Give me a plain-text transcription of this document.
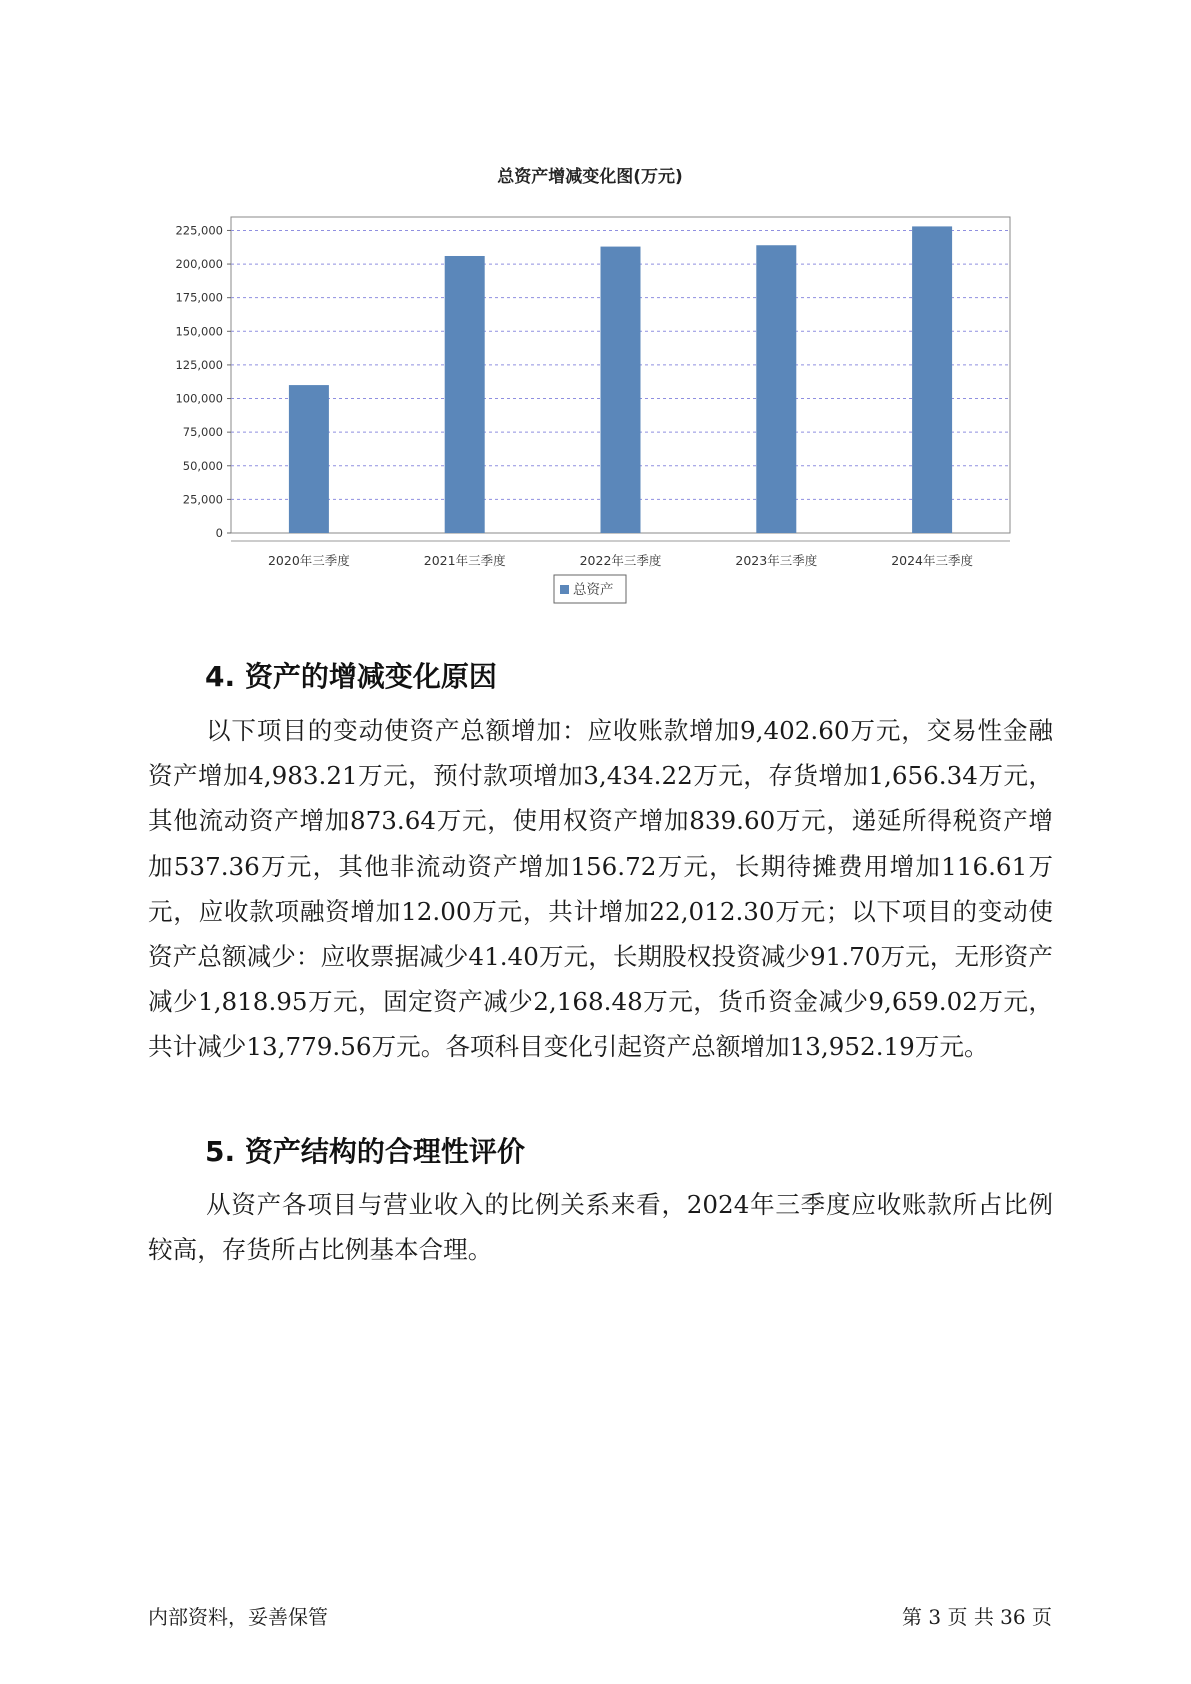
总资产增减变化图(万元)
0
25,000
50,000
75,000
100,000
125,000
150,000
175,000
200,000
225,000
2020年三季度	2021年三季度	2022年三季度	2023年三季度	2024年三季度
总资产
4. 资产的增减变化原因

以下项目的变动使资产总额增加：应收账款增加9,402.60万元，交易性金融资产增加4,983.21万元，预付款项增加3,434.22万元，存货增加1,656.34万元，其他流动资产增加873.64万元，使用权资产增加839.60万元，递延所得税资产增加537.36万元，其他非流动资产增加156.72万元，长期待摊费用增加116.61万元，应收款项融资增加12.00万元，共计增加22,012.30万元；以下项目的变动使资产总额减少：应收票据减少41.40万元，长期股权投资减少91.70万元，无形资产减少1,818.95万元，固定资产减少2,168.48万元，货币资金减少9,659.02万元，共计减少13,779.56万元。各项科目变化引起资产总额增加13,952.19万元。

5. 资产结构的合理性评价

从资产各项目与营业收入的比例关系来看，2024年三季度应收账款所占比例较高，存货所占比例基本合理。

内部资料，妥善保管	第 3 页 共 36 页
